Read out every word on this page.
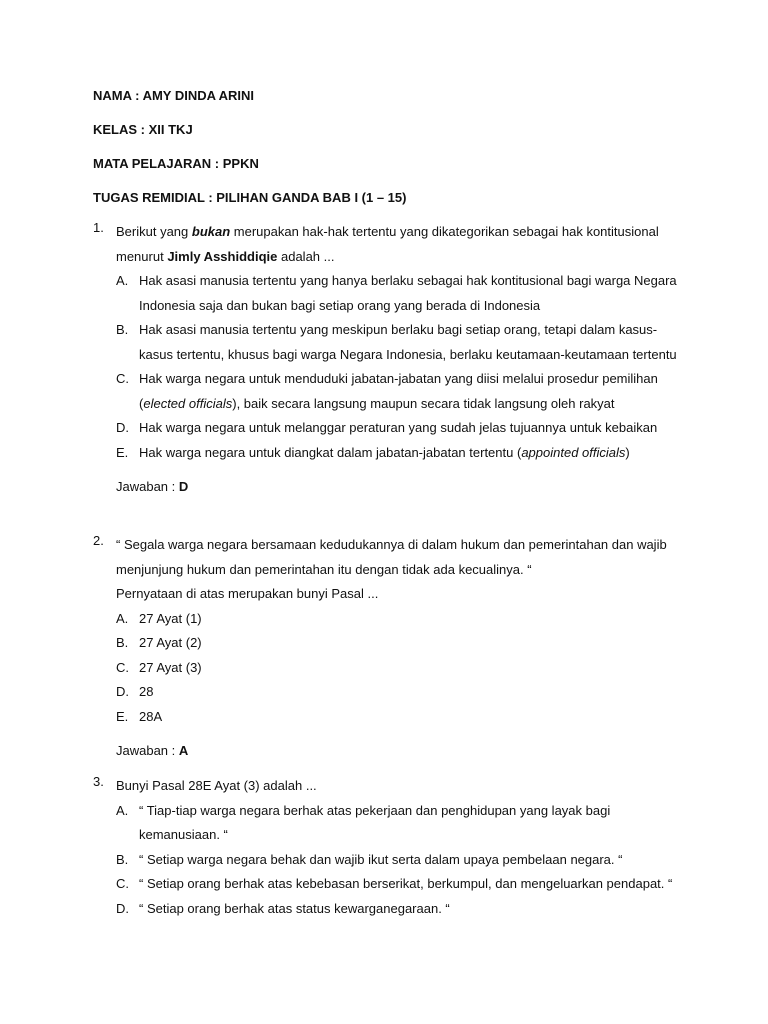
NAMA : AMY DINDA ARINI
KELAS : XII TKJ
MATA PELAJARAN : PPKN
TUGAS REMIDIAL : PILIHAN GANDA BAB I (1 – 15)
1. Berikut yang bukan merupakan hak-hak tertentu yang dikategorikan sebagai hak kontitusional menurut Jimly Asshiddiqie adalah ...
A. Hak asasi manusia tertentu yang hanya berlaku sebagai hak kontitusional bagi warga Negara Indonesia saja dan bukan bagi setiap orang yang berada di Indonesia
B. Hak asasi manusia tertentu yang meskipun berlaku bagi setiap orang, tetapi dalam kasus-kasus tertentu, khusus bagi warga Negara Indonesia, berlaku keutamaan-keutamaan tertentu
C. Hak warga negara untuk menduduki jabatan-jabatan yang diisi melalui prosedur pemilihan (elected officials), baik secara langsung maupun secara tidak langsung oleh rakyat
D. Hak warga negara untuk melanggar peraturan yang sudah jelas tujuannya untuk kebaikan
E. Hak warga negara untuk diangkat dalam jabatan-jabatan tertentu (appointed officials)
Jawaban : D
2. “ Segala warga negara bersamaan kedudukannya di dalam hukum dan pemerintahan dan wajib menjunjung hukum dan pemerintahan itu dengan tidak ada kecualinya. “
Pernyataan di atas merupakan bunyi Pasal ...
A. 27 Ayat (1)
B. 27 Ayat (2)
C. 27 Ayat (3)
D. 28
E. 28A
Jawaban : A
3. Bunyi Pasal 28E Ayat (3) adalah ...
A. “ Tiap-tiap warga negara berhak atas pekerjaan dan penghidupan yang layak bagi kemanusiaan. “
B. “ Setiap warga negara behak dan wajib ikut serta dalam upaya pembelaan negara. “
C. “ Setiap orang berhak atas kebebasan berserikat, berkumpul, dan mengeluarkan pendapat. “
D. “ Setiap orang berhak atas status kewarganegaraan. “
